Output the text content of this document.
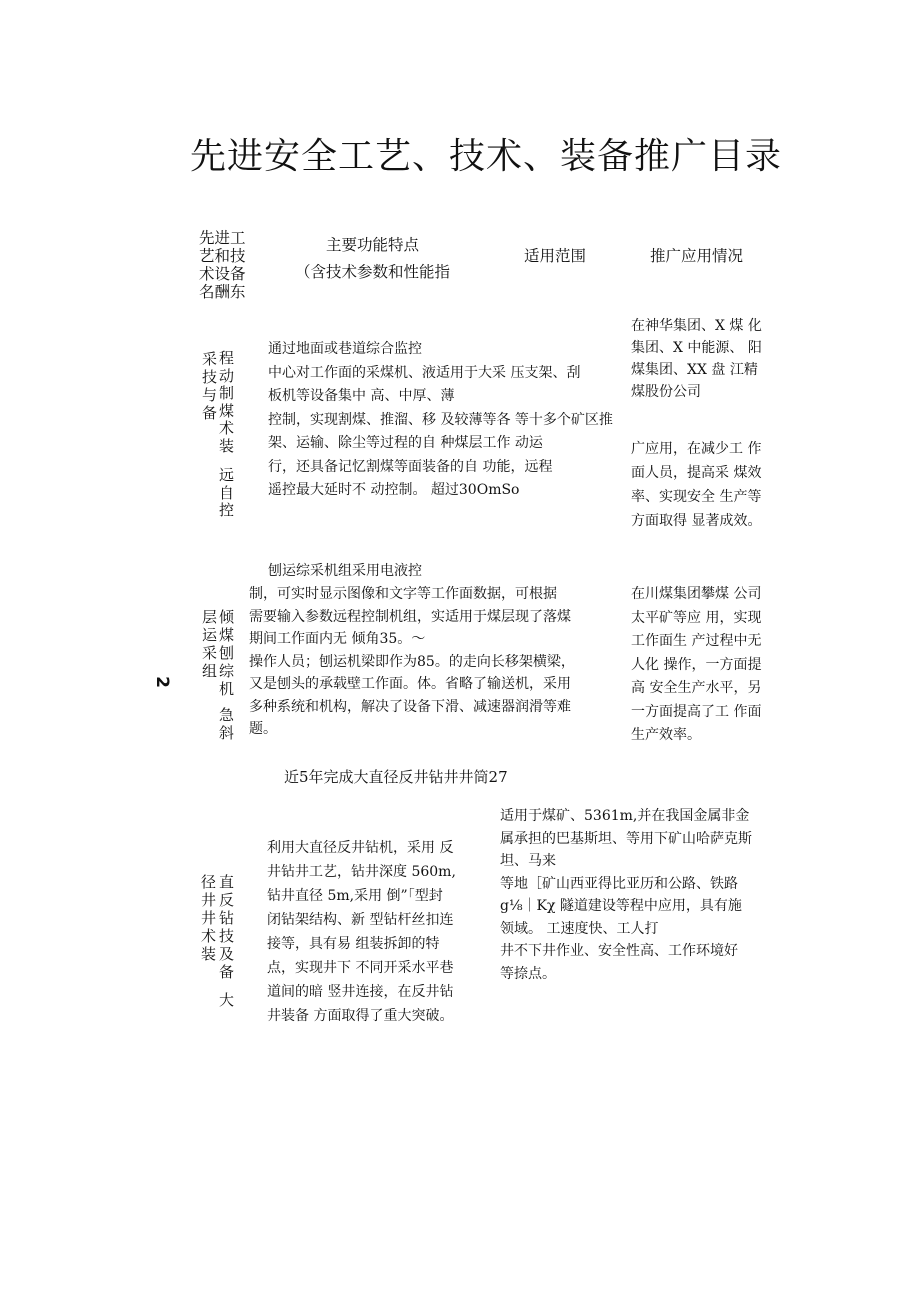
先进安全工艺、技术、装备推广目录
先进工
艺和技
术设备
名酬东
主要功能特点
（含技术参数和性能指
适用范围	推广应用情况
2
采
技
与
备
程
动
制
煤
术
装
远
自
控
通过地面或巷道综合监控
中心对工作面的采煤机、液适用于大采 压支架、刮
板机等设备集中 高、中厚、薄
控制，实现割煤、推溜、移 及较薄等各 等十多个矿区推
架、运输、除尘等过程的自 种煤层工作 动运
行，还具备记忆割煤等面装备的自 功能，远程
遥控最大延时不 动控制。 超过30OmSo
在神华集团、X 煤 化
集团、X 中能源、 阳
煤集团、XX 盘 江精
煤股份公司
广应用，在减少工 作
面人员，提高采 煤效
率、实现安全 生产等
方面取得 显著成效。
层
运
采
组
倾
煤
刨
综
机
急
斜
刨运综采机组采用电液控
制，可实时显示图像和文字等工作面数据，可根据
需要输入参数远程控制机组，实适用于煤层现了落煤
期间工作面内无 倾角35。～
操作人员；刨运机梁即作为85。的走向长移架横梁，
又是刨头的承载壁工作面。体。省略了输送机，采用
多种系统和机构，解决了设备下滑、减速器润滑等难
题。
在川煤集团攀煤 公司
太平矿等应 用，实现
工作面生 产过程中无
人化 操作，一方面提
高 安全生产水平，另
一方面提高了工 作面
生产效率。
近5年完成大直径反井钻井井筒27
径
井
井
术
装
直
反
钻
技
及
备
大
利用大直径反井钻机，采用 反
井钻井工艺，钻井深度 560m,
钻井直径 5m,采用 倒”「型封
闭钻架结构、新 型钻杆丝扣连
接等，具有易 组装拆卸的特
点，实现井下 不同开采水平巷
道间的暗 竖井连接，在反井钻
井装备 方面取得了重大突破。
适用于煤矿、5361m,并在我国金属非金
属承担的巴基斯坦、等用下矿山哈萨克斯
坦、马来
等地［矿山西亚得比亚历和公路、铁路
g⅛｜Kχ 隧道建设等程中应用，具有施
领域。 工速度快、工人打
井不下井作业、安全性高、工作环境好
等捺点。
